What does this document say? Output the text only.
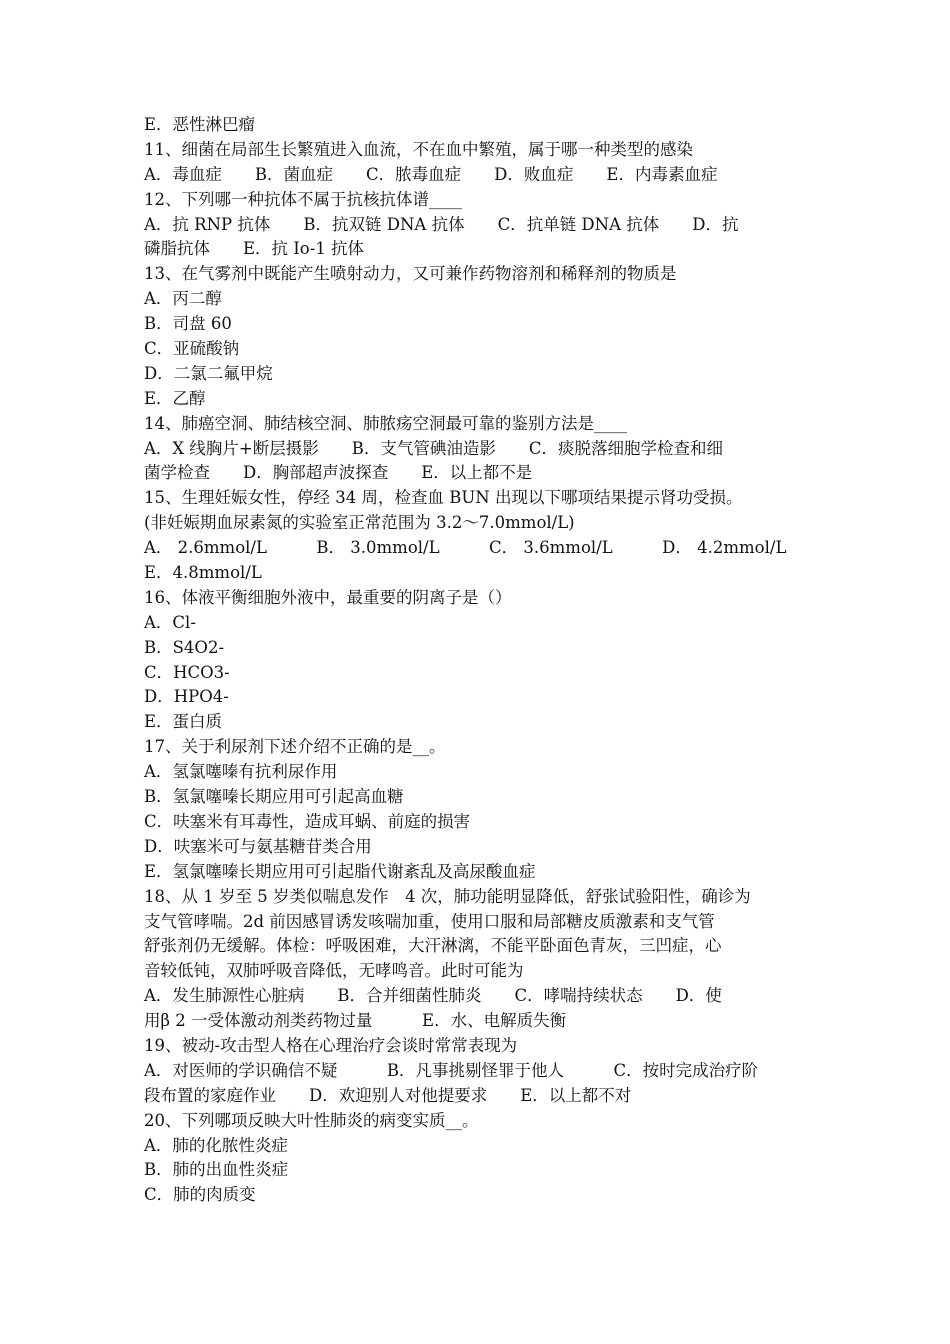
E．恶性淋巴瘤
11、细菌在局部生长繁殖进入血流，不在血中繁殖，属于哪一种类型的感染
A．毒血症　　B．菌血症　　C．脓毒血症　　D．败血症　　E．内毒素血症
12、下列哪一种抗体不属于抗核抗体谱____
A．抗 RNP 抗体　　B．抗双链 DNA 抗体　　C．抗单链 DNA 抗体　　D．抗
磷脂抗体　　E．抗 Io-1 抗体
13、在气雾剂中既能产生喷射动力，又可兼作药物溶剂和稀释剂的物质是
A．丙二醇
B．司盘 60
C．亚硫酸钠
D．二氯二氟甲烷
E．乙醇
14、肺癌空洞、肺结核空洞、肺脓疡空洞最可靠的鉴别方法是____
A．X 线胸片+断层摄影　　B．支气管碘油造影　　C．痰脱落细胞学检查和细
菌学检查　　D．胸部超声波探查　　E．以上都不是
15、生理妊娠女性，停经 34 周，检查血 BUN 出现以下哪项结果提示肾功受损。
(非妊娠期血尿素氮的实验室正常范围为 3.2～7.0mmol/L)
A． 2.6mmol/L　　　B． 3.0mmol/L　　　C． 3.6mmol/L　　　D． 4.2mmol/L
E．4.8mmol/L
16、体液平衡细胞外液中，最重要的阴离子是（）
A．Cl-
B．S4O2-
C．HCO3-
D．HPO4-
E．蛋白质
17、关于利尿剂下述介绍不正确的是__。
A．氢氯噻嗪有抗利尿作用
B．氢氯噻嗪长期应用可引起高血糖
C．呋塞米有耳毒性，造成耳蜗、前庭的损害
D．呋塞米可与氨基糖苷类合用
E．氢氯噻嗪长期应用可引起脂代谢紊乱及高尿酸血症
18、从 1 岁至 5 岁类似喘息发作　4 次，肺功能明显降低，舒张试验阳性，确诊为
支气管哮喘。2d 前因感冒诱发咳喘加重，使用口服和局部糖皮质激素和支气管
舒张剂仍无缓解。体检：呼吸困难，大汗淋漓，不能平卧面色青灰，三凹症，心
音较低钝，双肺呼吸音降低，无哮鸣音。此时可能为
A．发生肺源性心脏病　　B．合并细菌性肺炎　　C．哮喘持续状态　　D．使
用β 2 一受体激动剂类药物过量　　　E．水、电解质失衡
19、被动-攻击型人格在心理治疗会谈时常常表现为
A．对医师的学识确信不疑　　　B．凡事挑剔怪罪于他人　　　C．按时完成治疗阶
段布置的家庭作业　　D．欢迎别人对他提要求　　E．以上都不对
20、下列哪项反映大叶性肺炎的病变实质__。
A．肺的化脓性炎症
B．肺的出血性炎症
C．肺的肉质变
